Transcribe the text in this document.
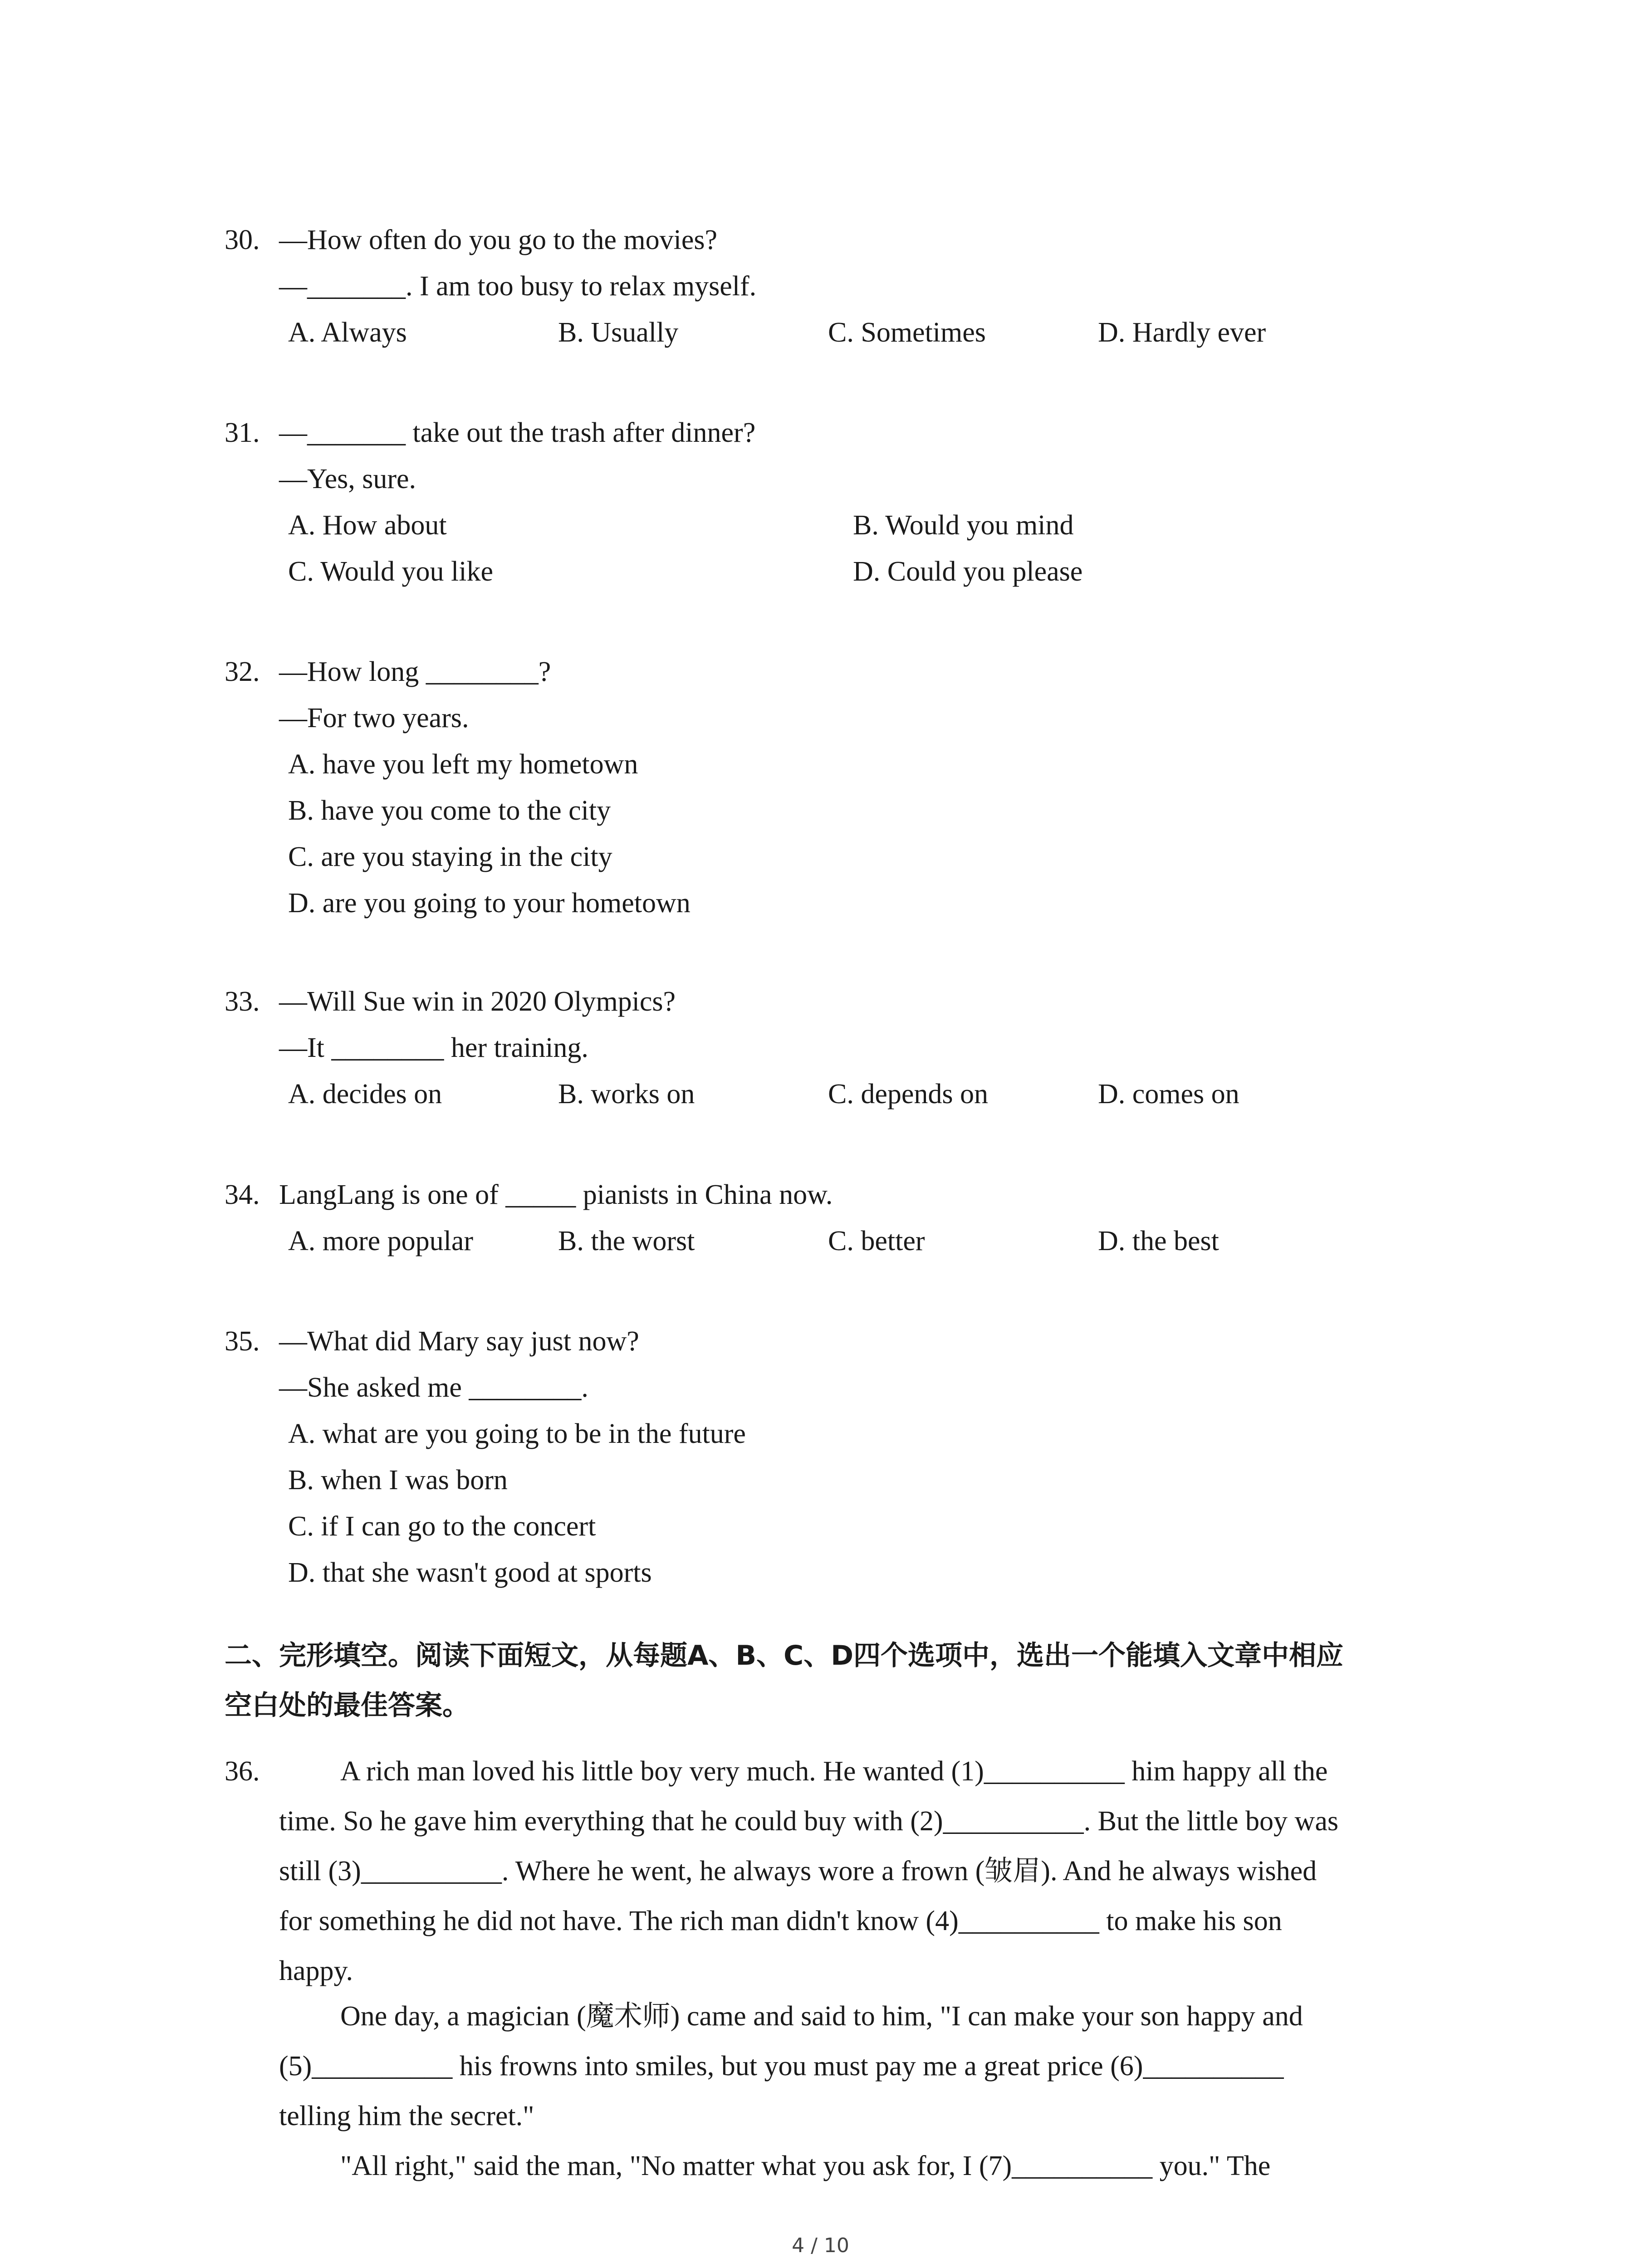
30. —How often do you go to the movies?
—_______. I am too busy to relax myself.
A. Always	B. Usually	C. Sometimes	D. Hardly ever
31. —_______ take out the trash after dinner?
—Yes, sure.
A. How about	B. Would you mind
C. Would you like	D. Could you please
32. —How long ________?
—For two years.
A. have you left my hometown
B. have you come to the city
C. are you staying in the city
D. are you going to your hometown
33. —Will Sue win in 2020 Olympics?
—It ________ her training.
A. decides on	B. works on	C. depends on	D. comes on
34. LangLang is one of _____ pianists in China now.
A. more popular	B. the worst	C. better	D. the best
35. —What did Mary say just now?
—She asked me ________.
A. what are you going to be in the future
B. when I was born
C. if I can go to the concert
D. that she wasn't good at sports
二、完形填空。阅读下面短文，从每题A、B、C、D四个选项中，选出一个能填入文章中相应
空白处的最佳答案。
36.	A rich man loved his little boy very much. He wanted (1)__________ him happy all the
time. So he gave him everything that he could buy with (2)__________. But the little boy was
still (3)__________. Where he went, he always wore a frown (皱眉). And he always wished
for something he did not have. The rich man didn't know (4)__________ to make his son
happy.
One day, a magician (魔术师) came and said to him, "I can make your son happy and
(5)__________ his frowns into smiles, but you must pay me a great price (6)__________
telling him the secret."
"All right," said the man, "No matter what you ask for, I (7)__________ you." The
4 / 10
